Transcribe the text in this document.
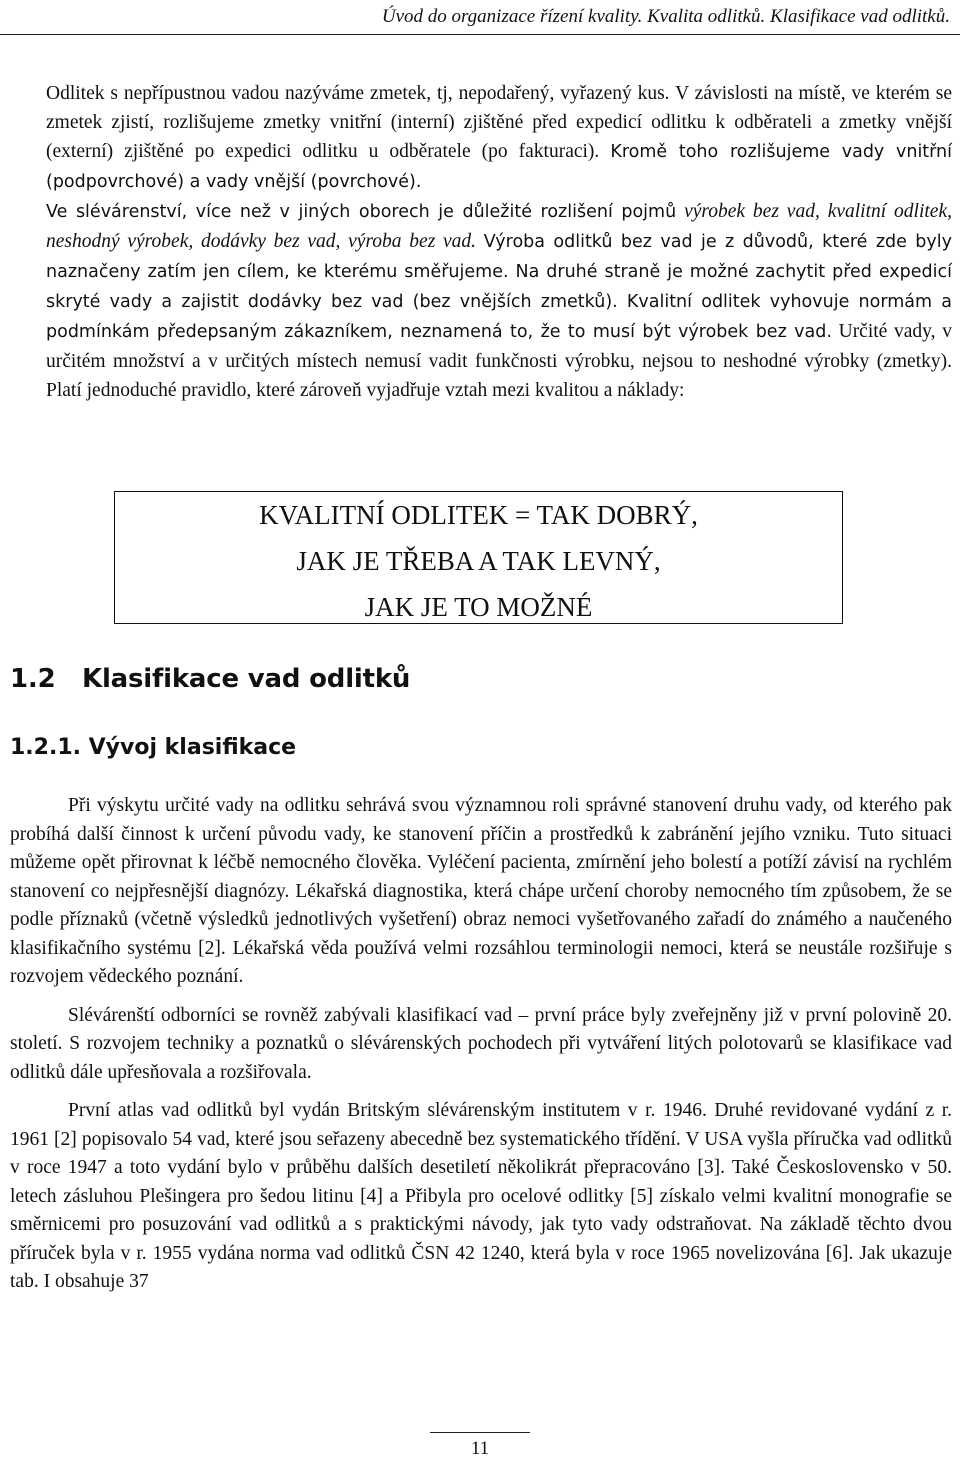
Úvod do organizace řízení kvality. Kvalita odlitků. Klasifikace vad odlitků.

Odlitek s nepřípustnou vadou nazýváme zmetek, tj, nepodařený, vyřazený kus. V závislosti na místě, ve kterém se zmetek zjistí, rozlišujeme zmetky vnitřní (interní) zjištěné před expedicí odlitku k odběrateli a zmetky vnější (externí) zjištěné po expedici odlitku u odběratele (po fakturaci). Kromě toho rozlišujeme vady vnitřní (podpovrchové) a vady vnější (povrchové).

Ve slévárenství, více než v jiných oborech je důležité rozlišení pojmů výrobek bez vad, kvalitní odlitek, neshodný výrobek, dodávky bez vad, výroba bez vad. Výroba odlitků bez vad je z důvodů, které zde byly naznačeny zatím jen cílem, ke kterému směřujeme. Na druhé straně je možné zachytit před expedicí skryté vady a zajistit dodávky bez vad (bez vnějších zmetků). Kvalitní odlitek vyhovuje normám a podmínkám předepsaným zákazníkem, neznamená to, že to musí být výrobek bez vad. Určité vady, v určitém množství a v určitých místech nemusí vadit funkčnosti výrobku, nejsou to neshodné výrobky (zmetky). Platí jednoduché pravidlo, které zároveň vyjadřuje vztah mezi kvalitou a náklady:

KVALITNÍ ODLITEK = TAK DOBRÝ,
JAK JE TŘEBA A TAK LEVNÝ,
JAK JE TO MOŽNÉ
1.2   Klasifikace vad odlitků
1.2.1. Vývoj klasifikace

Při výskytu určité vady na odlitku sehrává svou významnou roli správné stanovení druhu vady, od kterého pak probíhá další činnost k určení původu vady, ke stanovení příčin a prostředků k zabránění jejího vzniku. Tuto situaci můžeme opět přirovnat k léčbě nemocného člověka. Vyléčení pacienta, zmírnění jeho bolestí a potíží závisí na rychlém stanovení co nejpřesnější diagnózy. Lékařská diagnostika, která chápe určení choroby nemocného tím způsobem, že se podle příznaků (včetně výsledků jednotlivých vyšetření) obraz nemoci vyšetřovaného zařadí do známého a naučeného klasifikačního systému [2]. Lékařská věda používá velmi rozsáhlou terminologii nemoci, která se neustále rozšiřuje s rozvojem vědeckého poznání.

Slévárenští odborníci se rovněž zabývali klasifikací vad – první práce byly zveřejněny již v první polovině 20. století. S rozvojem techniky a poznatků o slévárenských pochodech při vytváření litých polotovarů se klasifikace vad odlitků dále upřesňovala a rozšiřovala.

První atlas vad odlitků byl vydán Britským slévárenským institutem v r. 1946. Druhé revidované vydání z r. 1961 [2] popisovalo 54 vad, které jsou seřazeny abecedně bez systematického třídění. V USA vyšla příručka vad odlitků v roce 1947 a toto vydání bylo v průběhu dalších desetiletí několikrát přepracováno [3]. Také Československo v 50. letech zásluhou Plešingera pro šedou litinu [4] a Přibyla pro ocelové odlitky [5] získalo velmi kvalitní monografie se směrnicemi pro posuzování vad odlitků a s praktickými návody, jak tyto vady odstraňovat. Na základě těchto dvou příruček byla v r. 1955 vydána norma vad odlitků ČSN 42 1240, která byla v roce 1965 novelizována [6]. Jak ukazuje tab. I obsahuje 37

11
